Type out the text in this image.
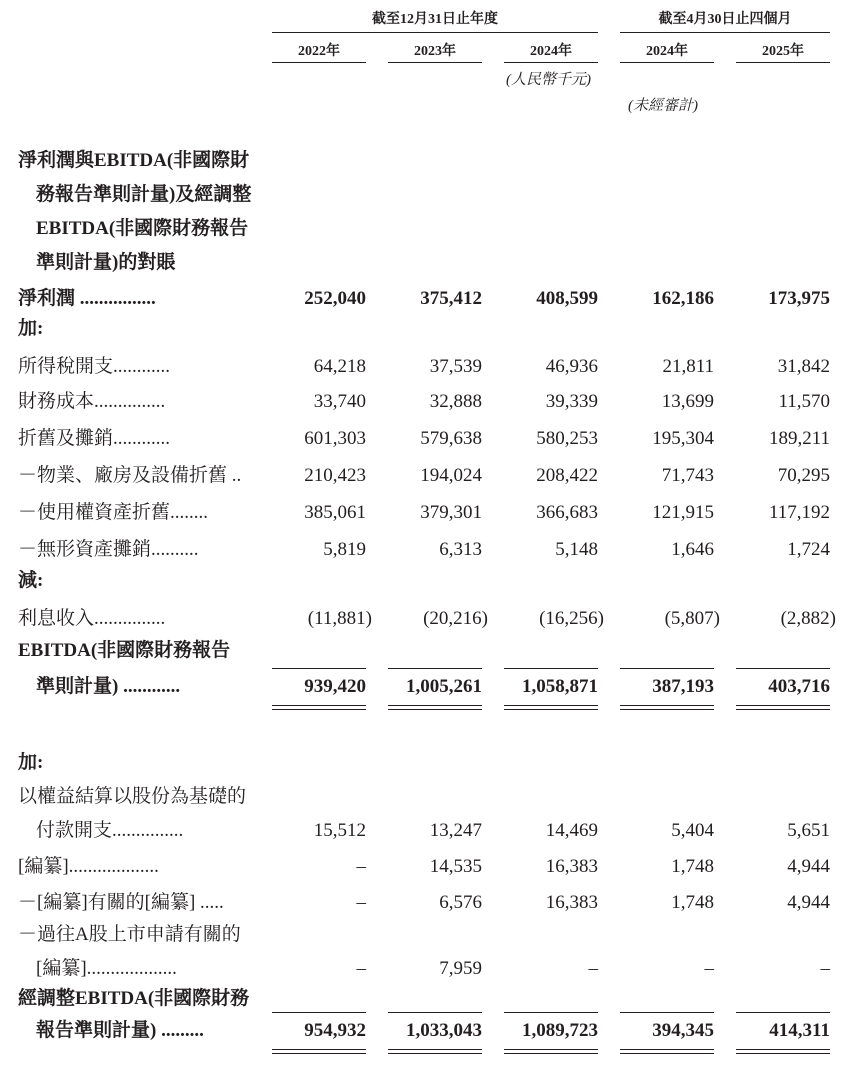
截至12月31日止年度	截至4月30日止四個月
2022年	2023年	2024年	2024年	2025年
(人民幣千元)
(未經審計)
淨利潤與EBITDA(非國際財
務報告準則計量)及經調整
EBITDA(非國際財務報告
準則計量)的對賬
淨利潤 ................	252,040	375,412	408,599	162,186	173,975
加:
所得稅開支............	64,218	37,539	46,936	21,811	31,842
財務成本...............	33,740	32,888	39,339	13,699	11,570
折舊及攤銷............	601,303	579,638	580,253	195,304	189,211
－物業、廠房及設備折舊 ..	210,423	194,024	208,422	71,743	70,295
－使用權資產折舊........	385,061	379,301	366,683	121,915	117,192
－無形資產攤銷..........	5,819	6,313	5,148	1,646	1,724
減:
利息收入...............	(11,881)	(20,216)	(16,256)	(5,807)	(2,882)
EBITDA(非國際財務報告
準則計量) ............	939,420	1,005,261	1,058,871	387,193	403,716
加:
以權益結算以股份為基礎的
付款開支...............	15,512	13,247	14,469	5,404	5,651
[編纂]...................	–	14,535	16,383	1,748	4,944
－[編纂]有關的[編纂] .....	–	6,576	16,383	1,748	4,944
－過往A股上市申請有關的
[編纂]...................	–	7,959	–	–	–
經調整EBITDA(非國際財務
報告準則計量) .........	954,932	1,033,043	1,089,723	394,345	414,311
